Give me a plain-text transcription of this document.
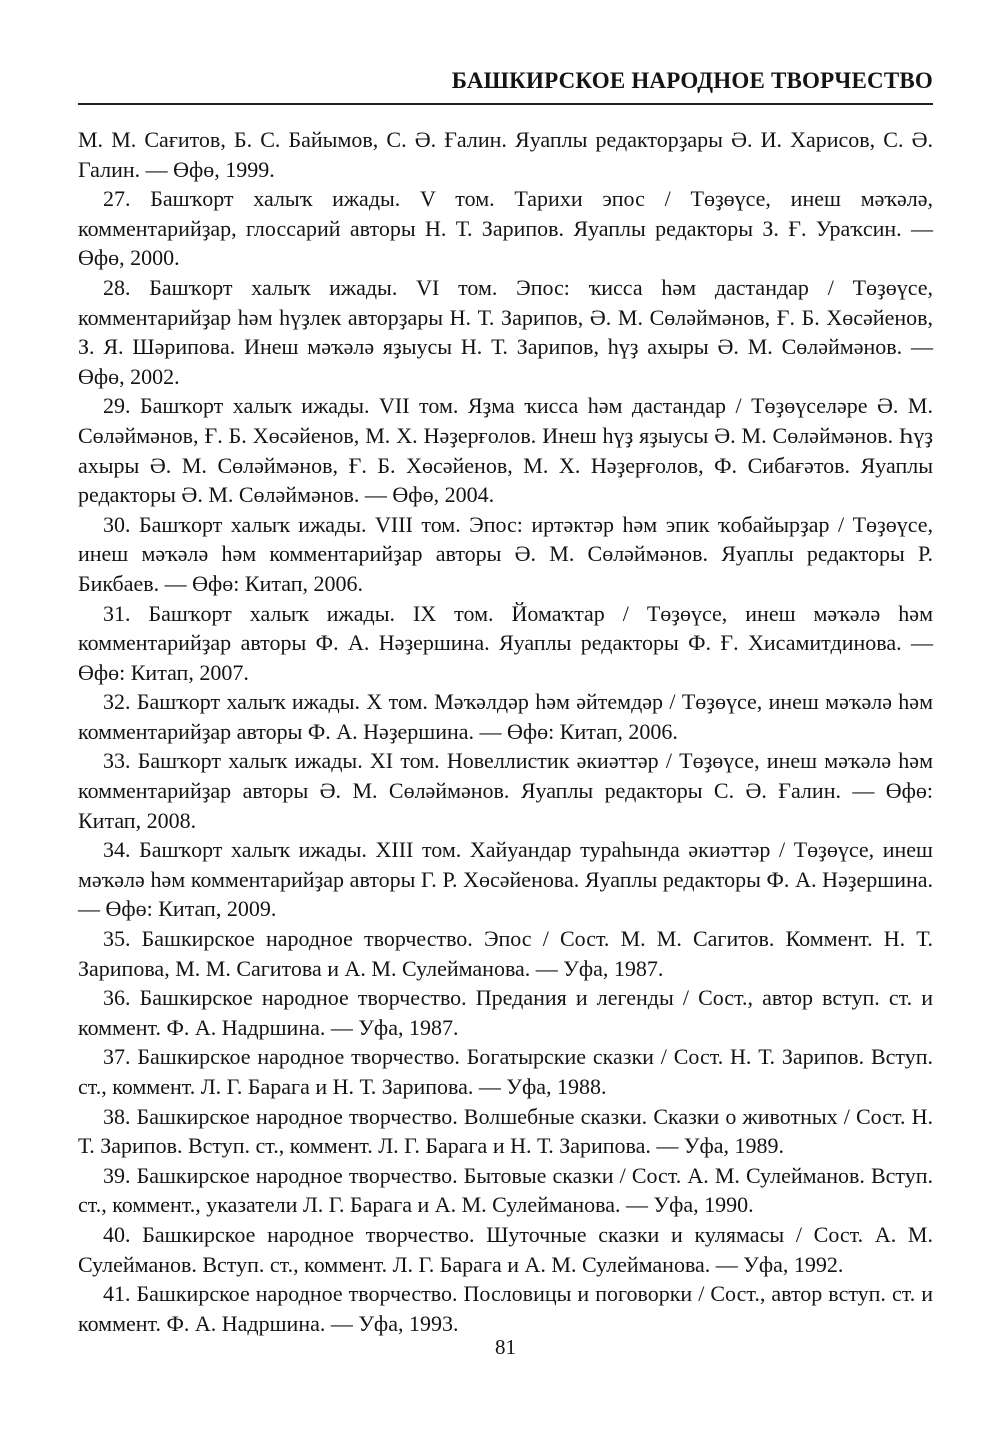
БАШКИРСКОЕ НАРОДНОЕ ТВОРЧЕСТВО

М. М. Сағитов, Б. С. Байымов, С. Ә. Ғалин. Яуаплы редакторҙары Ә. И. Харисов, С. Ә. Галин. — Өфө, 1999.

27. Башҡорт халыҡ ижады. V том. Тарихи эпос / Төҙөүсе, инеш мәҡәлә, комментарийҙар, глоссарий авторы Н. Т. Зарипов. Яуаплы редакторы З. Ғ. Ураҡсин. — Өфө, 2000.

28. Башҡорт халыҡ ижады. VI том. Эпос: ҡисса һәм дастандар / Төҙөүсе, комментарийҙар һәм һүҙлек авторҙары Н. Т. Зарипов, Ә. М. Сөләймәнов, Ғ. Б. Хөсәйенов, З. Я. Шәрипова. Инеш мәҡәлә яҙыусы Н. Т. Зарипов, һүҙ ахыры Ә. М. Сөләймәнов. — Өфө, 2002.

29. Башҡорт халыҡ ижады. VII том. Яҙма ҡисса һәм дастандар / Төҙөүселәре Ә. М. Сөләймәнов, Ғ. Б. Хөсәйенов, М. Х. Нәҙерғолов. Инеш һүҙ яҙыусы Ә. М. Сөләймәнов. Һүҙ ахыры Ә. М. Сөләймәнов, Ғ. Б. Хөсәйенов, М. Х. Нәҙерғолов, Ф. Сибағәтов. Яуаплы редакторы Ә. М. Сөләймәнов. — Өфө, 2004.

30. Башҡорт халыҡ ижады. VIII том. Эпос: иртәктәр һәм эпик ҡобайырҙар / Төҙөүсе, инеш мәҡәлә һәм комментарийҙар авторы Ә. М. Сөләймәнов. Яуаплы редакторы Р. Бикбаев. — Өфө: Китап, 2006.

31. Башҡорт халыҡ ижады. IX том. Йомаҡтар / Төҙөүсе, инеш мәҡәлә һәм комментарийҙар авторы Ф. А. Нәҙершина. Яуаплы редакторы Ф. Ғ. Хисамитдинова. — Өфө: Китап, 2007.

32. Башҡорт халыҡ ижады. X том. Мәҡәлдәр һәм әйтемдәр / Төҙөүсе, инеш мәҡәлә һәм комментарийҙар авторы Ф. А. Нәҙершина. — Өфө: Китап, 2006.

33. Башҡорт халыҡ ижады. XI том. Новеллистик әкиәттәр / Төҙөүсе, инеш мәҡәлә һәм комментарийҙар авторы Ә. М. Сөләймәнов. Яуаплы редакторы С. Ә. Ғалин. — Өфө: Китап, 2008.

34. Башҡорт халыҡ ижады. XIII том. Хайуандар тураһында әкиәттәр / Төҙөүсе, инеш мәҡәлә һәм комментарийҙар авторы Г. Р. Хөсәйенова. Яуаплы редакторы Ф. А. Нәҙершина. — Өфө: Китап, 2009.

35. Башкирское народное творчество. Эпос / Сост. М. М. Сагитов. Коммент. Н. Т. Зарипова, М. М. Сагитова и А. М. Сулейманова. — Уфа, 1987.

36. Башкирское народное творчество. Предания и легенды / Сост., автор вступ. ст. и коммент. Ф. А. Надршина. — Уфа, 1987.

37. Башкирское народное творчество. Богатырские сказки / Сост. Н. Т. Зарипов. Вступ. ст., коммент. Л. Г. Барага и Н. Т. Зарипова. — Уфа, 1988.

38. Башкирское народное творчество. Волшебные сказки. Сказки о животных / Сост. Н. Т. Зарипов. Вступ. ст., коммент. Л. Г. Барага и Н. Т. Зарипова. — Уфа, 1989.

39. Башкирское народное творчество. Бытовые сказки / Сост. А. М. Сулейманов. Вступ. ст., коммент., указатели Л. Г. Барага и А. М. Сулейманова. — Уфа, 1990.

40. Башкирское народное творчество. Шуточные сказки и кулямасы / Сост. А. М. Сулейманов. Вступ. ст., коммент. Л. Г. Барага и А. М. Сулейманова. — Уфа, 1992.

41. Башкирское народное творчество. Пословицы и поговорки / Сост., автор вступ. ст. и коммент. Ф. А. Надршина. — Уфа, 1993.

81
